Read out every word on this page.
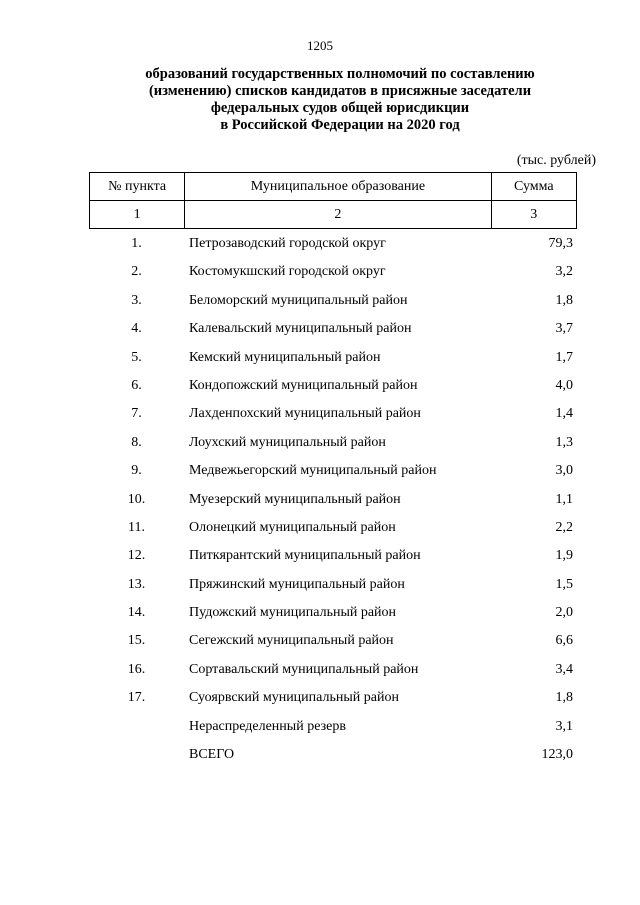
1205
образований государственных полномочий по составлению
(изменению) списков кандидатов в присяжные заседатели
федеральных судов общей юрисдикции
в Российской Федерации на 2020 год
(тыс. рублей)
№ пункта	Муниципальное образование	Сумма
1	2	3
1.	Петрозаводский городской округ	79,3
2.	Костомукшский городской округ	3,2
3.	Беломорский муниципальный район	1,8
4.	Калевальский муниципальный район	3,7
5.	Кемский муниципальный район	1,7
6.	Кондопожский муниципальный район	4,0
7.	Лахденпохский муниципальный район	1,4
8.	Лоухский муниципальный район	1,3
9.	Медвежьегорский муниципальный район	3,0
10.	Муезерский муниципальный район	1,1
11.	Олонецкий муниципальный район	2,2
12.	Питкярантский муниципальный район	1,9
13.	Пряжинский муниципальный район	1,5
14.	Пудожский муниципальный район	2,0
15.	Сегежский муниципальный район	6,6
16.	Сортавальский муниципальный район	3,4
17.	Суоярвский муниципальный район	1,8
Нераспределенный резерв	3,1
ВСЕГО	123,0
